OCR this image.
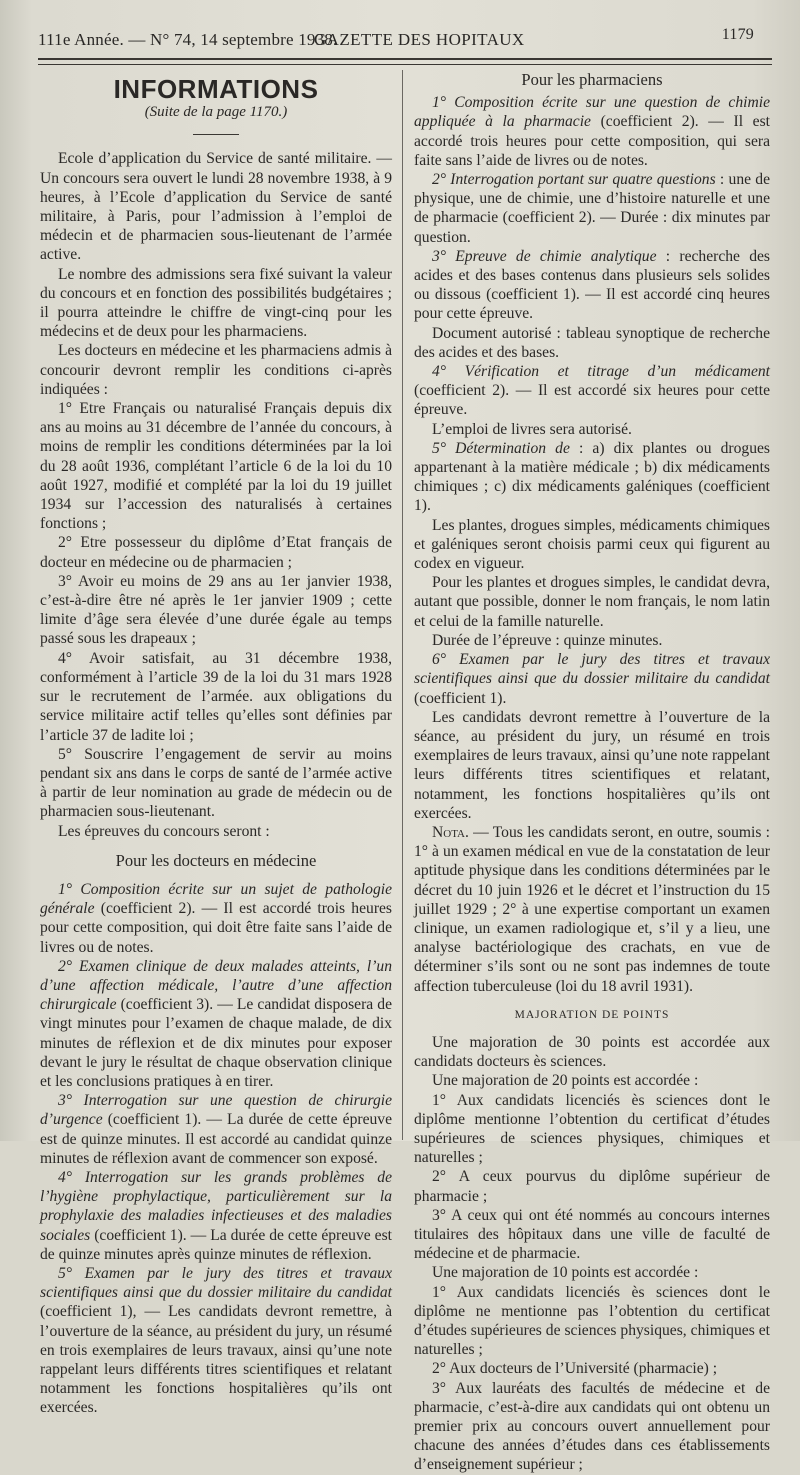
111e Année. — N° 74, 14 septembre 1938.
GAZETTE DES HOPITAUX	1179
INFORMATIONS
(Suite de la page 1170.)

Ecole d’application du Service de santé militaire. — Un concours sera ouvert le lundi 28 novembre 1938, à 9 heures, à l’Ecole d’application du Service de santé militaire, à Paris, pour l’admission à l’emploi de médecin et de pharmacien sous-lieutenant de l’armée active.

Le nombre des admissions sera fixé suivant la valeur du concours et en fonction des possibilités budgétaires ; il pourra atteindre le chiffre de vingt-cinq pour les médecins et de deux pour les pharmaciens.

Les docteurs en médecine et les pharmaciens admis à concourir devront remplir les conditions ci-après indiquées :

1° Etre Français ou naturalisé Français depuis dix ans au moins au 31 décembre de l’année du concours, à moins de remplir les conditions déterminées par la loi du 28 août 1936, complétant l’article 6 de la loi du 10 août 1927, modifié et complété par la loi du 19 juillet 1934 sur l’accession des naturalisés à certaines fonctions ;

2° Etre possesseur du diplôme d’Etat français de docteur en médecine ou de pharmacien ;

3° Avoir eu moins de 29 ans au 1er janvier 1938, c’est-à-dire être né après le 1er janvier 1909 ; cette limite d’âge sera élevée d’une durée égale au temps passé sous les drapeaux ;

4° Avoir satisfait, au 31 décembre 1938, conformément à l’article 39 de la loi du 31 mars 1928 sur le recrutement de l’armée. aux obligations du service militaire actif telles qu’elles sont définies par l’article 37 de ladite loi ;

5° Souscrire l’engagement de servir au moins pendant six ans dans le corps de santé de l’armée active à partir de leur nomination au grade de médecin ou de pharmacien sous-lieutenant.

Les épreuves du concours seront :

Pour les docteurs en médecine

1° Composition écrite sur un sujet de pathologie générale (coefficient 2). — Il est accordé trois heures pour cette composition, qui doit être faite sans l’aide de livres ou de notes.

2° Examen clinique de deux malades atteints, l’un d’une affection médicale, l’autre d’une affection chirurgicale (coefficient 3). — Le candidat disposera de vingt minutes pour l’examen de chaque malade, de dix minutes de réflexion et de dix minutes pour exposer devant le jury le résultat de chaque observation clinique et les conclusions pratiques à en tirer.

3° Interrogation sur une question de chirurgie d’urgence (coefficient 1). — La durée de cette épreuve est de quinze minutes. Il est accordé au candidat quinze minutes de réflexion avant de commencer son exposé.

4° Interrogation sur les grands problèmes de l’hygiène prophylactique, particulièrement sur la prophylaxie des maladies infectieuses et des maladies sociales (coefficient 1). — La durée de cette épreuve est de quinze minutes après quinze minutes de réflexion.

5° Examen par le jury des titres et travaux scientifiques ainsi que du dossier militaire du candidat (coefficient 1), — Les candidats devront remettre, à l’ouverture de la séance, au président du jury, un résumé en trois exemplaires de leurs travaux, ainsi qu’une note rappelant leurs différents titres scientifiques et relatant notamment les fonctions hospitalières qu’ils ont exercées.

Pour les pharmaciens

1° Composition écrite sur une question de chimie appliquée à la pharmacie (coefficient 2). — Il est accordé trois heures pour cette composition, qui sera faite sans l’aide de livres ou de notes.

2° Interrogation portant sur quatre questions : une de physique, une de chimie, une d’histoire naturelle et une de pharmacie (coefficient 2). — Durée : dix minutes par question.

3° Epreuve de chimie analytique : recherche des acides et des bases contenus dans plusieurs sels solides ou dissous (coefficient 1). — Il est accordé cinq heures pour cette épreuve.

Document autorisé : tableau synoptique de recherche des acides et des bases.

4° Vérification et titrage d’un médicament (coefficient 2). — Il est accordé six heures pour cette épreuve.

L’emploi de livres sera autorisé.

5° Détermination de : a) dix plantes ou drogues appartenant à la matière médicale ; b) dix médicaments chimiques ; c) dix médicaments galéniques (coefficient 1).

Les plantes, drogues simples, médicaments chimiques et galéniques seront choisis parmi ceux qui figurent au codex en vigueur.

Pour les plantes et drogues simples, le candidat devra, autant que possible, donner le nom français, le nom latin et celui de la famille naturelle.

Durée de l’épreuve : quinze minutes.

6° Examen par le jury des titres et travaux scientifiques ainsi que du dossier militaire du candidat (coefficient 1).

Les candidats devront remettre à l’ouverture de la séance, au président du jury, un résumé en trois exemplaires de leurs travaux, ainsi qu’une note rappelant leurs différents titres scientifiques et relatant, notamment, les fonctions hospitalières qu’ils ont exercées.

Nota. — Tous les candidats seront, en outre, soumis : 1° à un examen médical en vue de la constatation de leur aptitude physique dans les conditions déterminées par le décret du 10 juin 1926 et le décret et l’instruction du 15 juillet 1929 ; 2° à une expertise comportant un examen clinique, un examen radiologique et, s’il y a lieu, une analyse bactériologique des crachats, en vue de déterminer s’ils sont ou ne sont pas indemnes de toute affection tuberculeuse (loi du 18 avril 1931).

MAJORATION DE POINTS

Une majoration de 30 points est accordée aux candidats docteurs ès sciences.

Une majoration de 20 points est accordée :

1° Aux candidats licenciés ès sciences dont le diplôme mentionne l’obtention du certificat d’études supérieures de sciences physiques, chimiques et naturelles ;

2° A ceux pourvus du diplôme supérieur de pharmacie ;

3° A ceux qui ont été nommés au concours internes titulaires des hôpitaux dans une ville de faculté de médecine et de pharmacie.

Une majoration de 10 points est accordée :

1° Aux candidats licenciés ès sciences dont le diplôme ne mentionne pas l’obtention du certificat d’études supérieures de sciences physiques, chimiques et naturelles ;

2° Aux docteurs de l’Université (pharmacie) ;

3° Aux lauréats des facultés de médecine et de pharmacie, c’est-à-dire aux candidats qui ont obtenu un premier prix au concours ouvert annuellement pour chacune des années d’études dans ces établissements d’enseignement supérieur ;
